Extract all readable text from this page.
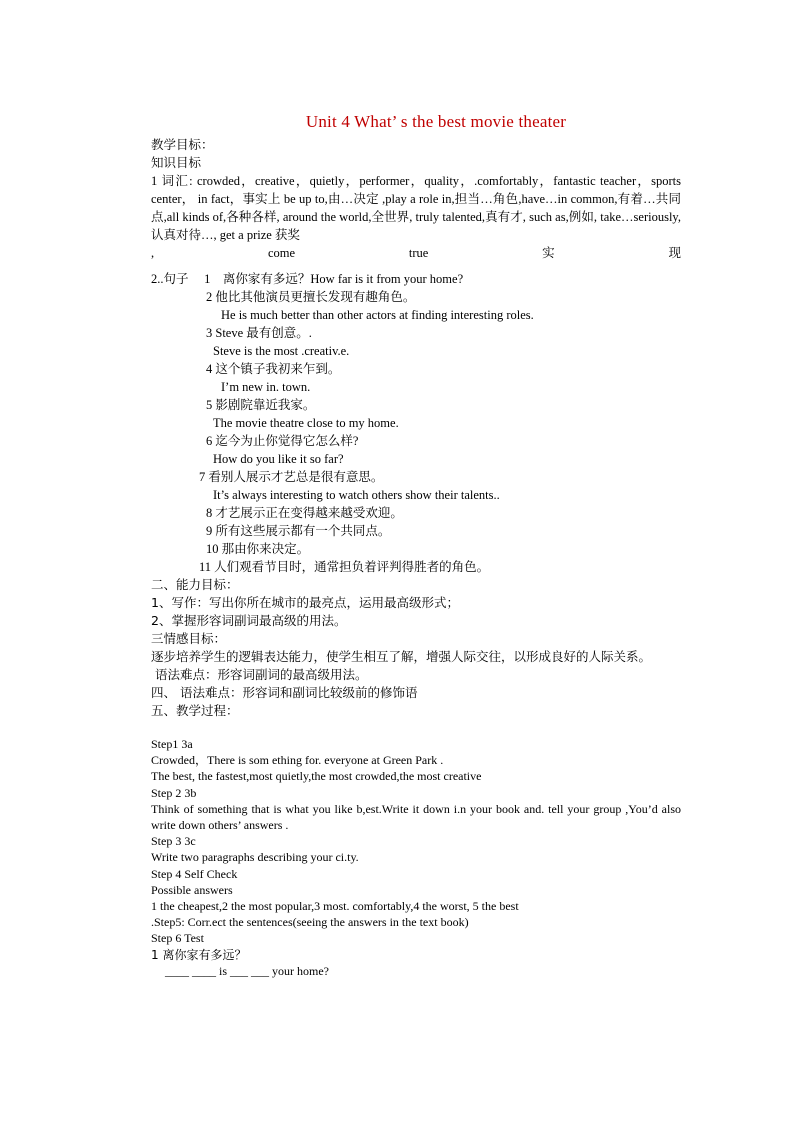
Unit 4 What’ s the best movie theater

教学目标：

知识目标

1 词汇: crowded，creative，quietly，performer，quality，.comfortably，fantastic teacher，sports center， in fact，事实上 be up to,由…决定 ,play a role in,担当…角色,have…in common,有着…共同点,all kinds of,各种各样, around the world,全世界, truly talented,真有才, such as,例如, take…seriously,认真对待…, get a prize 获奖

,	come	true	实	现

2..句子 1 离你家有多远？How far is it from your home?

2 他比其他演员更擅长发现有趣角色。

He is much better than other actors at finding interesting roles.

3 Steve 最有创意。.

Steve is the most .creativ.e.

4 这个镇子我初来乍到。

I’m new in. town.

5 影剧院靠近我家。

The movie theatre close to my home.

6 迄今为止你觉得它怎么样?

How do you like it so far?

7 看别人展示才艺总是很有意思。

It’s always interesting to watch others show their talents..

8 才艺展示正在变得越来越受欢迎。

9 所有这些展示都有一个共同点。

10 那由你来决定。

11 人们观看节目时，通常担负着评判得胜者的角色。

二、能力目标：

1、写作：写出你所在城市的最亮点，运用最高级形式；

2、掌握形容词副词最高级的用法。

三情感目标：

逐步培养学生的逻辑表达能力，使学生相互了解，增强人际交往，以形成良好的人际关系。

语法难点：形容词副词的最高级用法。

四、 语法难点：形容词和副词比较级前的修饰语

五、教学过程：

Step1 3a

Crowded，There is som ething for. everyone at Green Park .

The best, the fastest,most quietly,the most crowded,the most creative

Step 2 3b

Think of something that is what you like b,est.Write it down i.n your book and. tell your group ,You’d also write down others’ answers .

Step 3 3c

Write two paragraphs describing your ci.ty.

Step 4 Self Check

Possible answers

1 the cheapest,2 the most popular,3 most. comfortably,4 the worst, 5 the best

.Step5: Corr.ect the sentences(seeing the answers in the text book)

Step 6 Test

1 离你家有多远？

____ ____ is ___ ___ your home?
